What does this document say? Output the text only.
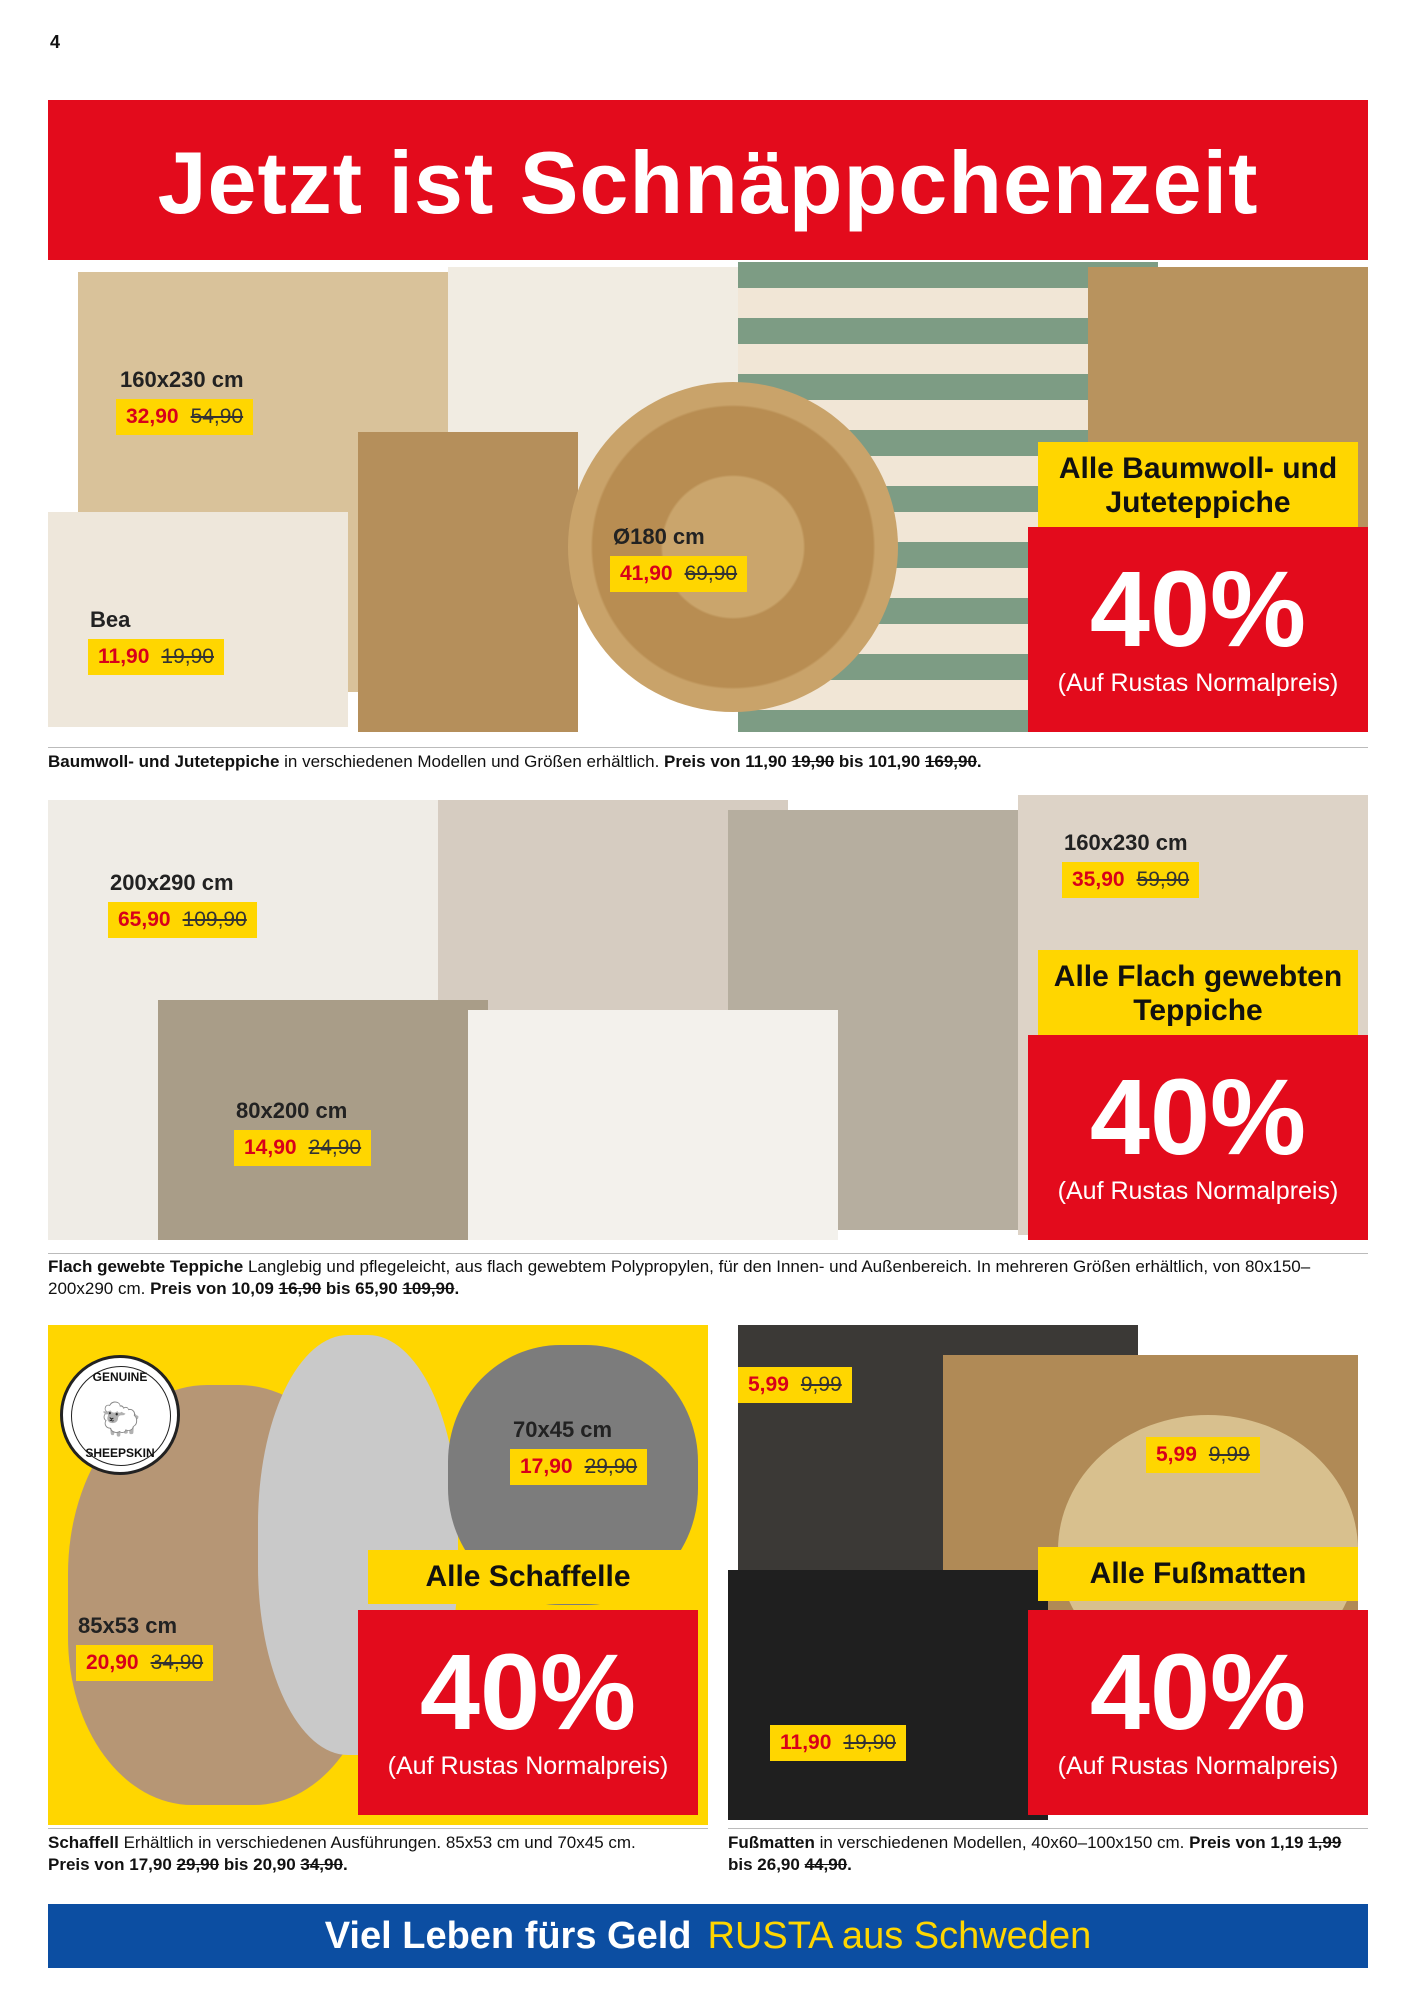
4
Jetzt ist Schnäppchenzeit
160x230 cm
32,90 54,90
Ø180 cm
41,90 69,90
Bea
11,90 19,90
Alle Baumwoll- und Juteteppiche
40%
(Auf Rustas Normalpreis)
Baumwoll- und Juteteppiche in verschiedenen Modellen und Größen erhältlich. Preis von 11,90 19,90 bis 101,90 169,90.
200x290 cm
65,90 109,90
160x230 cm
35,90 59,90
80x200 cm
14,90 24,90
Alle Flach gewebten Teppiche
40%
(Auf Rustas Normalpreis)
Flach gewebte Teppiche Langlebig und pflegeleicht, aus flach gewebtem Polypropylen, für den Innen- und Außenbereich. In mehreren Größen erhältlich, von 80x150–200x290 cm. Preis von 10,09 16,90 bis 65,90 109,90.
GENUINE
🐑
SHEEPSKIN
70x45 cm
17,90 29,90
85x53 cm
20,90 34,90
Alle Schaffelle
40%
(Auf Rustas Normalpreis)
Schaffell Erhältlich in verschiedenen Ausführungen. 85x53 cm und 70x45 cm. Preis von 17,90 29,90 bis 20,90 34,90.
5,99 9,99
5,99 9,99
11,90 19,90
Alle Fußmatten
40%
(Auf Rustas Normalpreis)
Fußmatten in verschiedenen Modellen, 40x60–100x150 cm. Preis von 1,19 1,99 bis 26,90 44,90.
Viel Leben fürs Geld RUSTA aus Schweden
